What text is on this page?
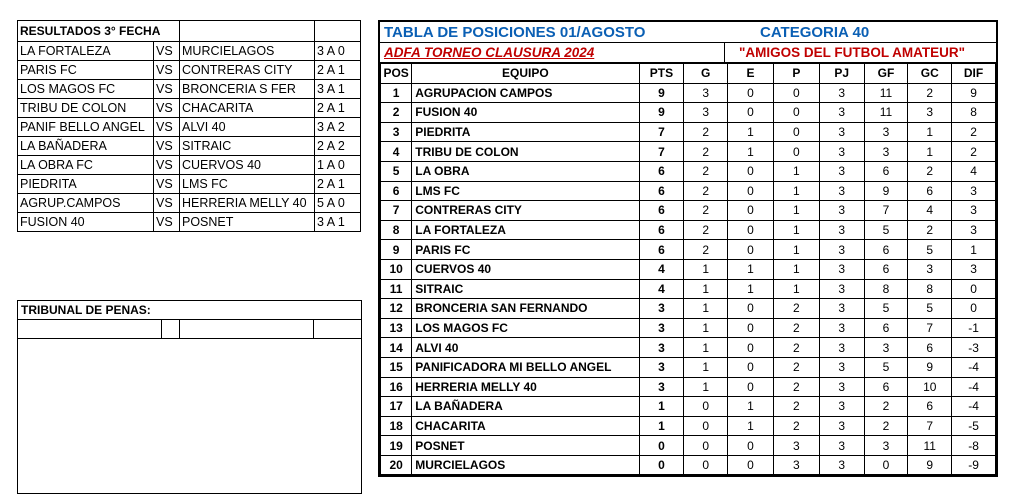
RESULTADOS 3° FECHA			
LA FORTALEZA	VS	MURCIELAGOS	3 A 0
PARIS FC	VS	CONTRERAS CITY	2 A 1
LOS MAGOS FC	VS	BRONCERIA S FER	3 A 1
TRIBU DE COLON	VS	CHACARITA	2 A 1
PANIF BELLO ANGEL	VS	ALVI 40	3 A 2
LA BAÑADERA	VS	SITRAIC	2 A 2
LA OBRA FC	VS	CUERVOS 40	1 A 0
PIEDRITA	VS	LMS FC	2 A 1
AGRUP.CAMPOS	VS	HERRERIA MELLY 40	5 A 0
FUSION 40	VS	POSNET	3 A 1
TRIBUNAL DE PENAS:
TABLA DE POSICIONES 01/AGOSTO	CATEGORIA 40
ADFA TORNEO CLAUSURA 2024	"AMIGOS DEL FUTBOL AMATEUR"
POS	EQUIPO	PTS	G	E	P	PJ	GF	GC	DIF
1	AGRUPACION CAMPOS	9	3	0	0	3	11	2	9
2	FUSION 40	9	3	0	0	3	11	3	8
3	PIEDRITA	7	2	1	0	3	3	1	2
4	TRIBU DE COLON	7	2	1	0	3	3	1	2
5	LA OBRA	6	2	0	1	3	6	2	4
6	LMS FC	6	2	0	1	3	9	6	3
7	CONTRERAS CITY	6	2	0	1	3	7	4	3
8	LA FORTALEZA	6	2	0	1	3	5	2	3
9	PARIS FC	6	2	0	1	3	6	5	1
10	CUERVOS 40	4	1	1	1	3	6	3	3
11	SITRAIC	4	1	1	1	3	8	8	0
12	BRONCERIA SAN FERNANDO	3	1	0	2	3	5	5	0
13	LOS MAGOS FC	3	1	0	2	3	6	7	-1
14	ALVI 40	3	1	0	2	3	3	6	-3
15	PANIFICADORA MI BELLO ANGEL	3	1	0	2	3	5	9	-4
16	HERRERIA MELLY 40	3	1	0	2	3	6	10	-4
17	LA BAÑADERA	1	0	1	2	3	2	6	-4
18	CHACARITA	1	0	1	2	3	2	7	-5
19	POSNET	0	0	0	3	3	3	11	-8
20	MURCIELAGOS	0	0	0	3	3	0	9	-9
